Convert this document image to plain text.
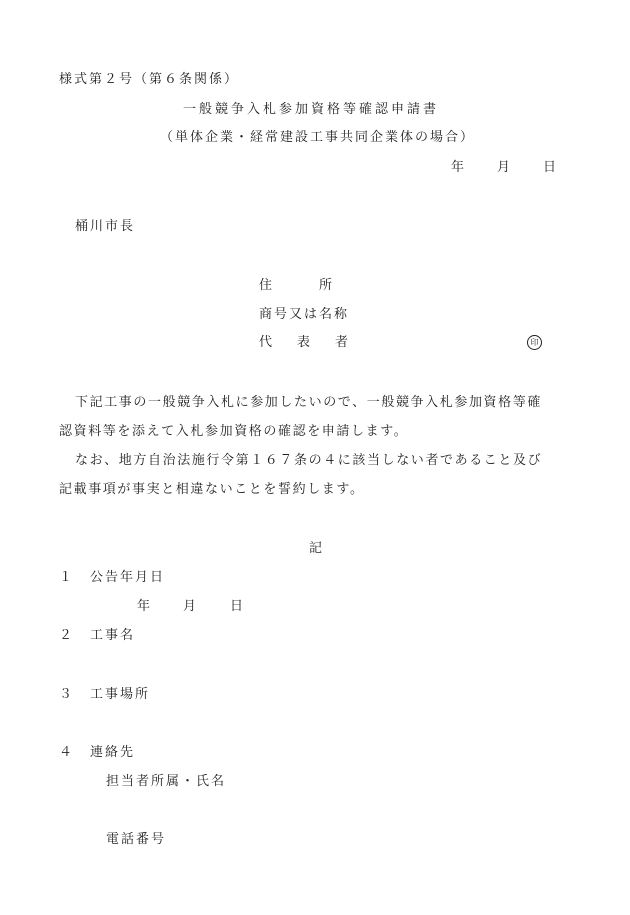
様式第２号（第６条関係）
一般競争入札参加資格等確認申請書
（単体企業・経常建設工事共同企業体の場合）
年 月 日
桶川市長
住　　　所
商号又は名称
代　表　者	印
下記工事の一般競争入札に参加したいので、一般競争入札参加資格等確
認資料等を添えて入札参加資格の確認を申請します。
なお、地方自治法施行令第１６７条の４に該当しない者であること及び
記載事項が事実と相違ないことを誓約します。
記
１ 公告年月日
年 月 日
２ 工事名
３ 工事場所
４ 連絡先
担当者所属・氏名
電話番号
